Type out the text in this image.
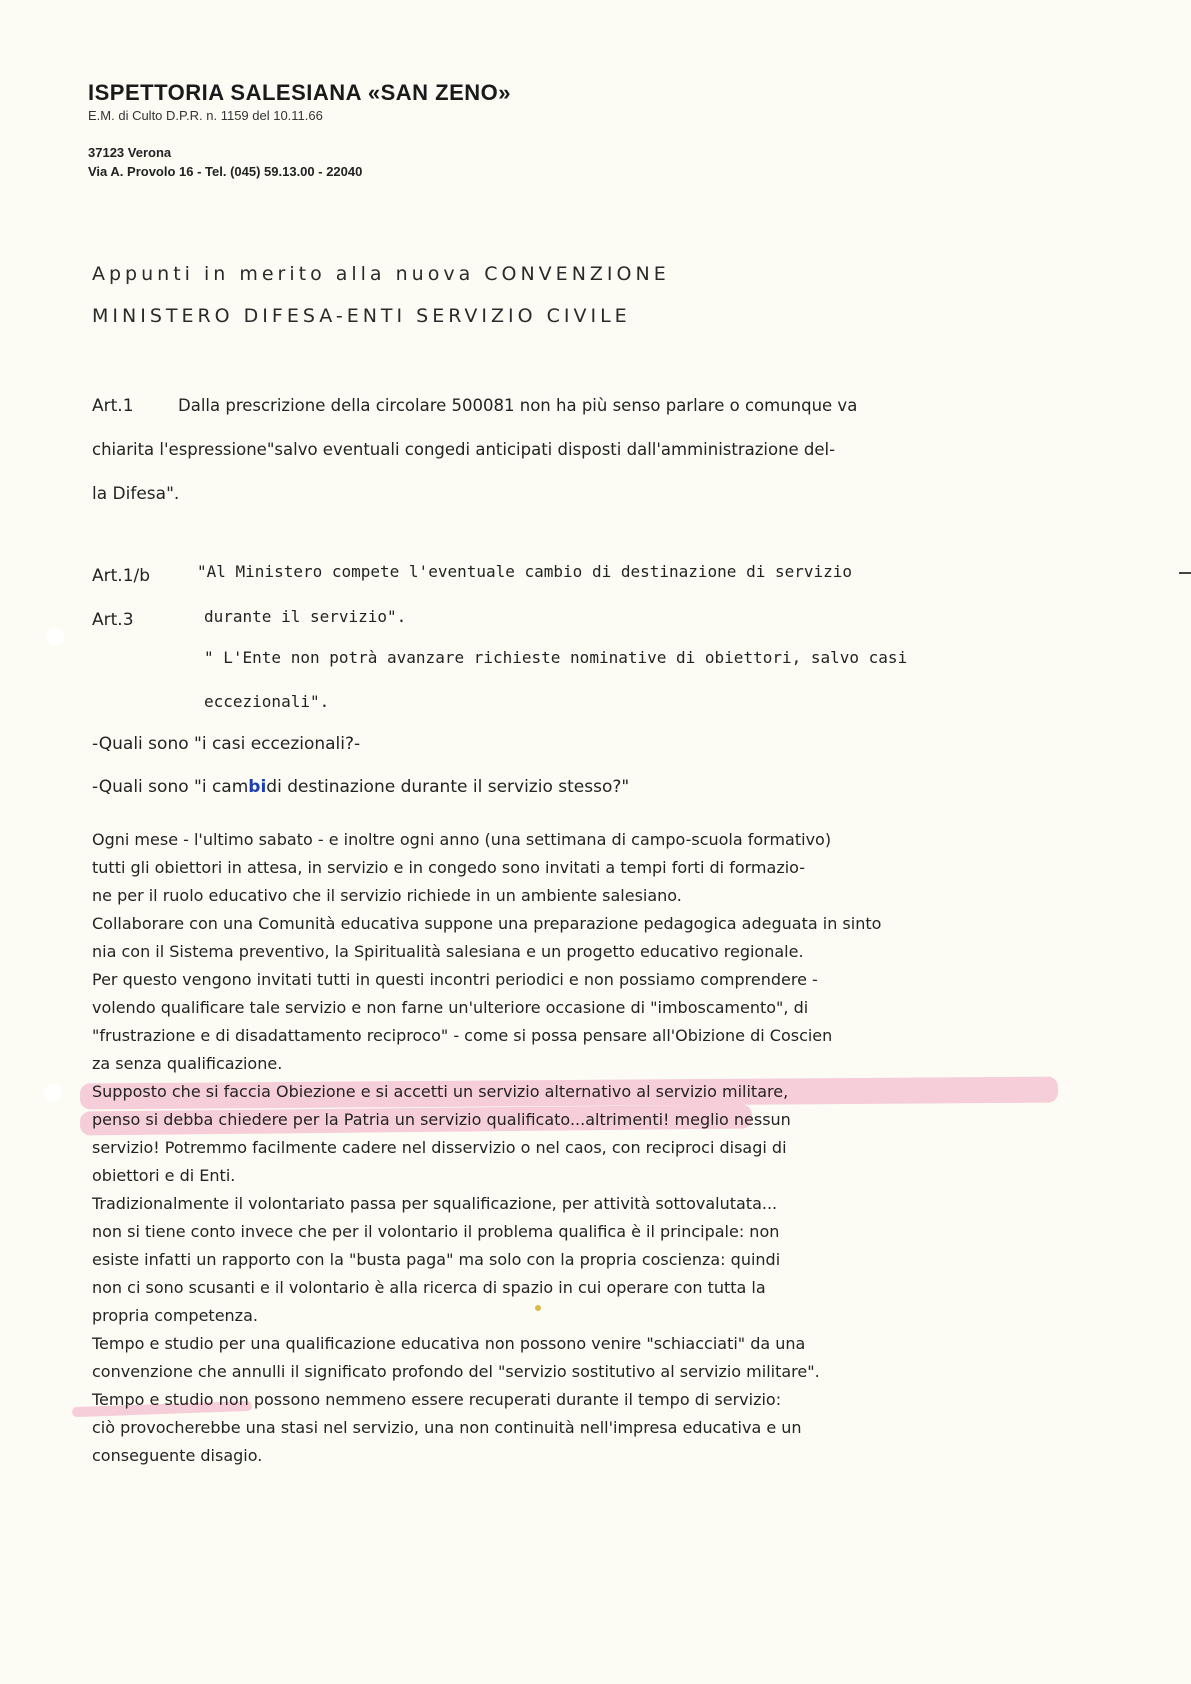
ISPETTORIA SALESIANA «SAN ZENO»
E.M. di Culto D.P.R. n. 1159 del 10.11.66
37123 Verona
Via A. Provolo 16 - Tel. (045) 59.13.00 - 22040
Appunti in merito alla nuova CONVENZIONE
MINISTERO DIFESA-ENTI SERVIZIO CIVILE
Art.1	Dalla prescrizione della circolare 500081 non ha più senso parlare o comunque va
chiarita l'espressione"salvo eventuali congedi anticipati disposti dall'amministrazione del-
la Difesa".
Art.1/b	"Al Ministero compete l'eventuale cambio di destinazione di servizio
Art.3	durante il servizio".
" L'Ente non potrà avanzare richieste nominative di obiettori, salvo casi
eccezionali".
-Quali sono "i casi eccezionali?-
-Quali sono "i cambidi destinazione durante il servizio stesso?"

Ogni mese - l'ultimo sabato - e inoltre ogni anno (una settimana di campo-scuola formativo)

tutti gli obiettori in attesa, in servizio e in congedo sono invitati a tempi forti di formazio-

ne per il ruolo educativo che il servizio richiede in un ambiente salesiano.

Collaborare con una Comunità educativa suppone una preparazione pedagogica adeguata in sinto

nia con il Sistema preventivo, la Spiritualità salesiana e un progetto educativo regionale.

Per questo vengono invitati tutti in questi incontri periodici e non possiamo comprendere -

volendo qualificare tale servizio e non farne un'ulteriore occasione di "imboscamento", di

"frustrazione e di disadattamento reciproco" - come si possa pensare all'Obizione di Coscien

za senza qualificazione.

Supposto che si faccia Obiezione e si accetti un servizio alternativo al servizio militare,

penso si debba chiedere per la Patria un servizio qualificato...altrimenti! meglio nessun

servizio! Potremmo facilmente cadere nel disservizio o nel caos, con reciproci disagi di

obiettori e di Enti.

Tradizionalmente il volontariato passa per squalificazione, per attività sottovalutata...

non si tiene conto invece che per il volontario il problema qualifica è il principale: non

esiste infatti un rapporto con la "busta paga" ma solo con la propria coscienza: quindi

non ci sono scusanti e il volontario è alla ricerca di spazio in cui operare con tutta la

propria competenza.

Tempo e studio per una qualificazione educativa non possono venire "schiacciati" da una

convenzione che annulli il significato profondo del "servizio sostitutivo al servizio militare".

Tempo e studio non possono nemmeno essere recuperati durante il tempo di servizio:

ciò provocherebbe una stasi nel servizio, una non continuità nell'impresa educativa e un

conseguente disagio.
